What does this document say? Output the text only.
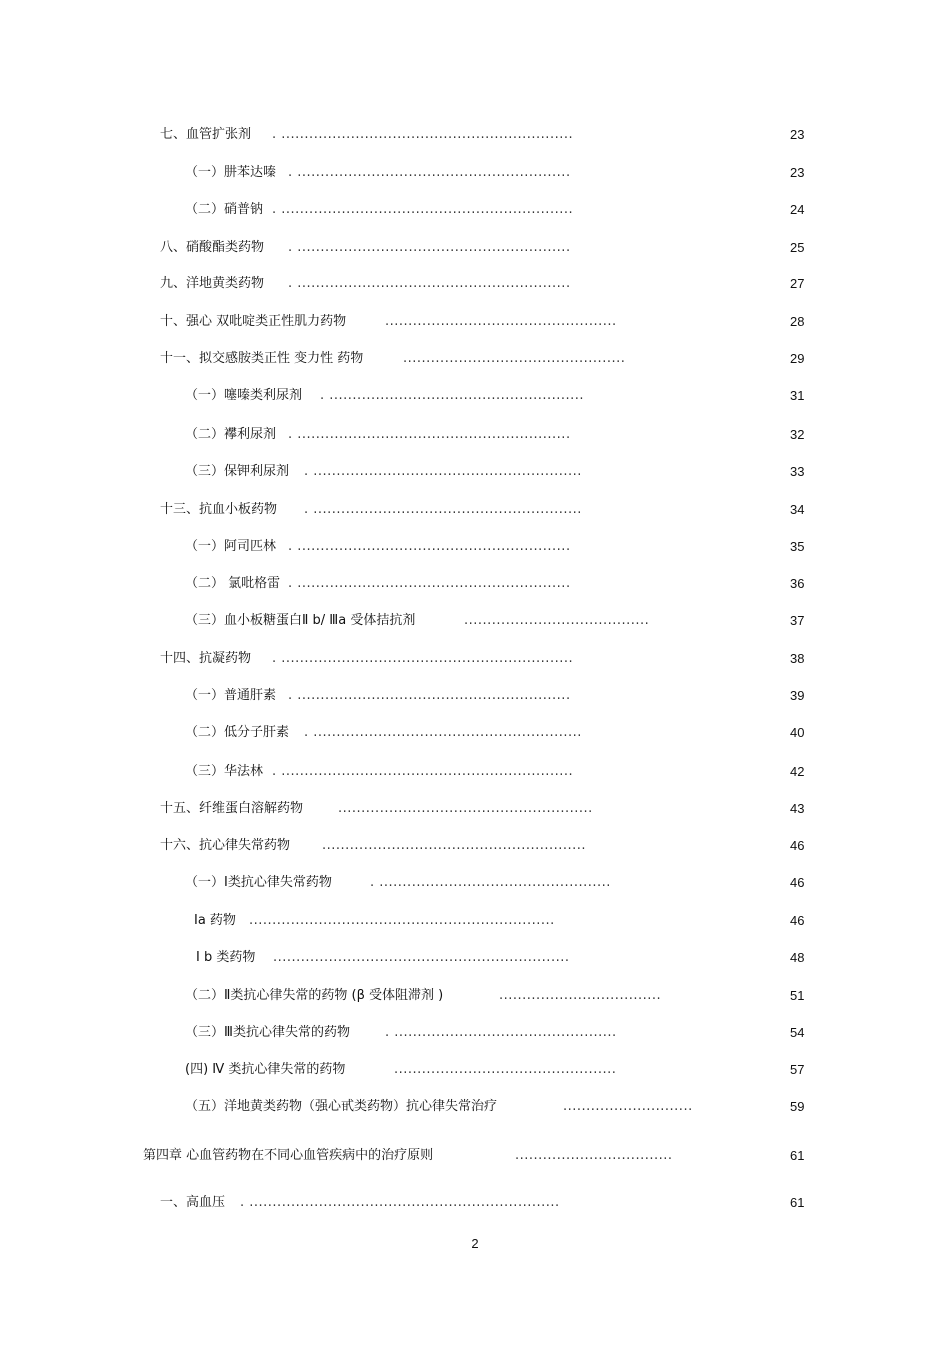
七、血管扩张剂 . ...............................................................	23
（一）肼苯达嗪 . ...........................................................	23
（二）硝普钠 . ...............................................................	24
八、硝酸酯类药物 . ...........................................................	25
九、洋地黄类药物 . ...........................................................	27
十、强心 双吡啶类正性肌力药物	..................................................	28
十一、拟交感胺类正性 变力性 药物	................................................	29
（一）噻嗪类利尿剂 . .......................................................	31
（二）襻利尿剂 . ...........................................................	32
（三）保钾利尿剂 . ..........................................................	33
十三、抗血小板药物 . ..........................................................	34
（一）阿司匹林 . ...........................................................	35
（二） 氯吡格雷 . ...........................................................	36
（三）血小板糖蛋白Ⅱ b/ Ⅲa 受体拮抗剂	........................................	37
十四、抗凝药物 . ...............................................................	38
（一）普通肝素 . ...........................................................	39
（二）低分子肝素 . ..........................................................	40
（三）华法林 . ...............................................................	42
十五、纤维蛋白溶解药物	.......................................................	43
十六、抗心律失常药物 .........................................................	46
（一）Ⅰ类抗心律失常药物	. ..................................................	46
Ia 药物 ..................................................................	46
Ⅰ b 类药物 ................................................................	48
（二）Ⅱ类抗心律失常的药物 (β 受体阻滞剂 )	...................................	51
（三）Ⅲ类抗心律失常的药物	. ................................................	54
(四) Ⅳ 类抗心律失常的药物	................................................	57
（五）洋地黄类药物（强心甙类药物）抗心律失常治疗	............................	59
第四章 心血管药物在不同心血管疾病中的治疗原则	..................................	61
一、高血压 . ...................................................................	61
2
